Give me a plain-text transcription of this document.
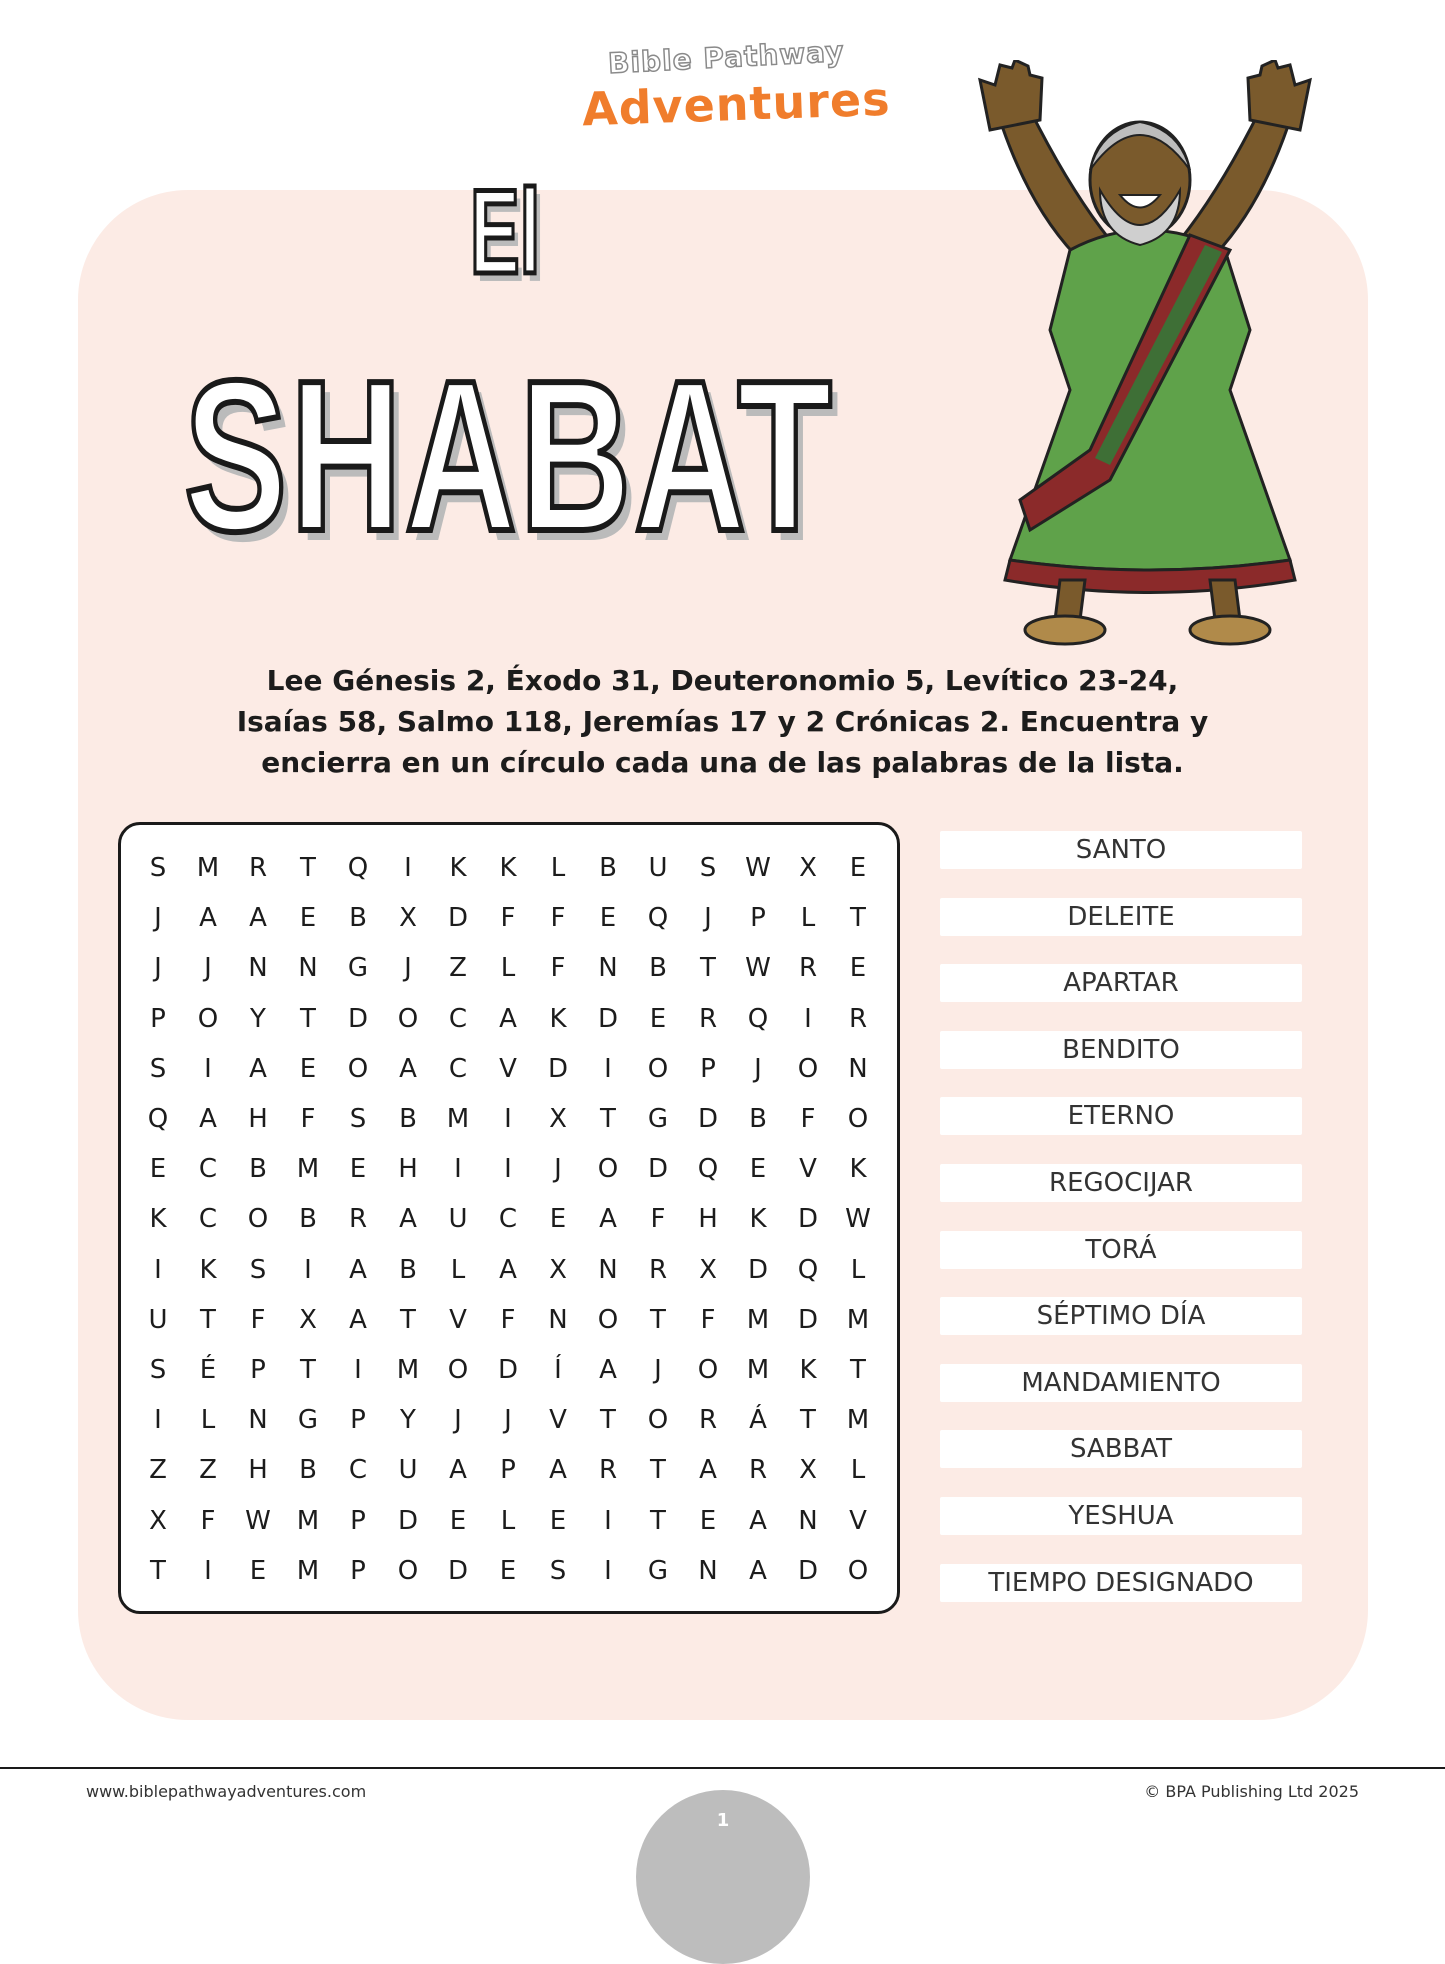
Bible Pathway
Adventures
El
SHABAT
Lee Génesis 2, Éxodo 31, Deuteronomio 5, Levítico 23-24,
Isaías 58, Salmo 118, Jeremías 17 y 2 Crónicas 2. Encuentra y
encierra en un círculo cada una de las palabras de la lista.
S	M	R	T	Q	I	K	K	L	B	U	S	W	X	E
J	A	A	E	B	X	D	F	F	E	Q	J	P	L	T
J	J	N	N	G	J	Z	L	F	N	B	T	W	R	E
P	O	Y	T	D	O	C	A	K	D	E	R	Q	I	R
S	I	A	E	O	A	C	V	D	I	O	P	J	O	N
Q	A	H	F	S	B	M	I	X	T	G	D	B	F	O
E	C	B	M	E	H	I	I	J	O	D	Q	E	V	K
K	C	O	B	R	A	U	C	E	A	F	H	K	D	W
I	K	S	I	A	B	L	A	X	N	R	X	D	Q	L
U	T	F	X	A	T	V	F	N	O	T	F	M	D	M
S	É	P	T	I	M	O	D	Í	A	J	O	M	K	T
I	L	N	G	P	Y	J	J	V	T	O	R	Á	T	M
Z	Z	H	B	C	U	A	P	A	R	T	A	R	X	L
X	F	W M	P	D	E	L	E	I	T	E	A	N	V
T	I	E	M	P	O	D	E	S	I	G	N	A	D	O
SANTO
DELEITE
APARTAR
BENDITO
ETERNO
REGOCIJAR
TORÁ
SÉPTIMO DÍA
MANDAMIENTO
SABBAT
YESHUA
TIEMPO DESIGNADO
www.biblepathwayadventures.com	© BPA Publishing Ltd 2025
1
